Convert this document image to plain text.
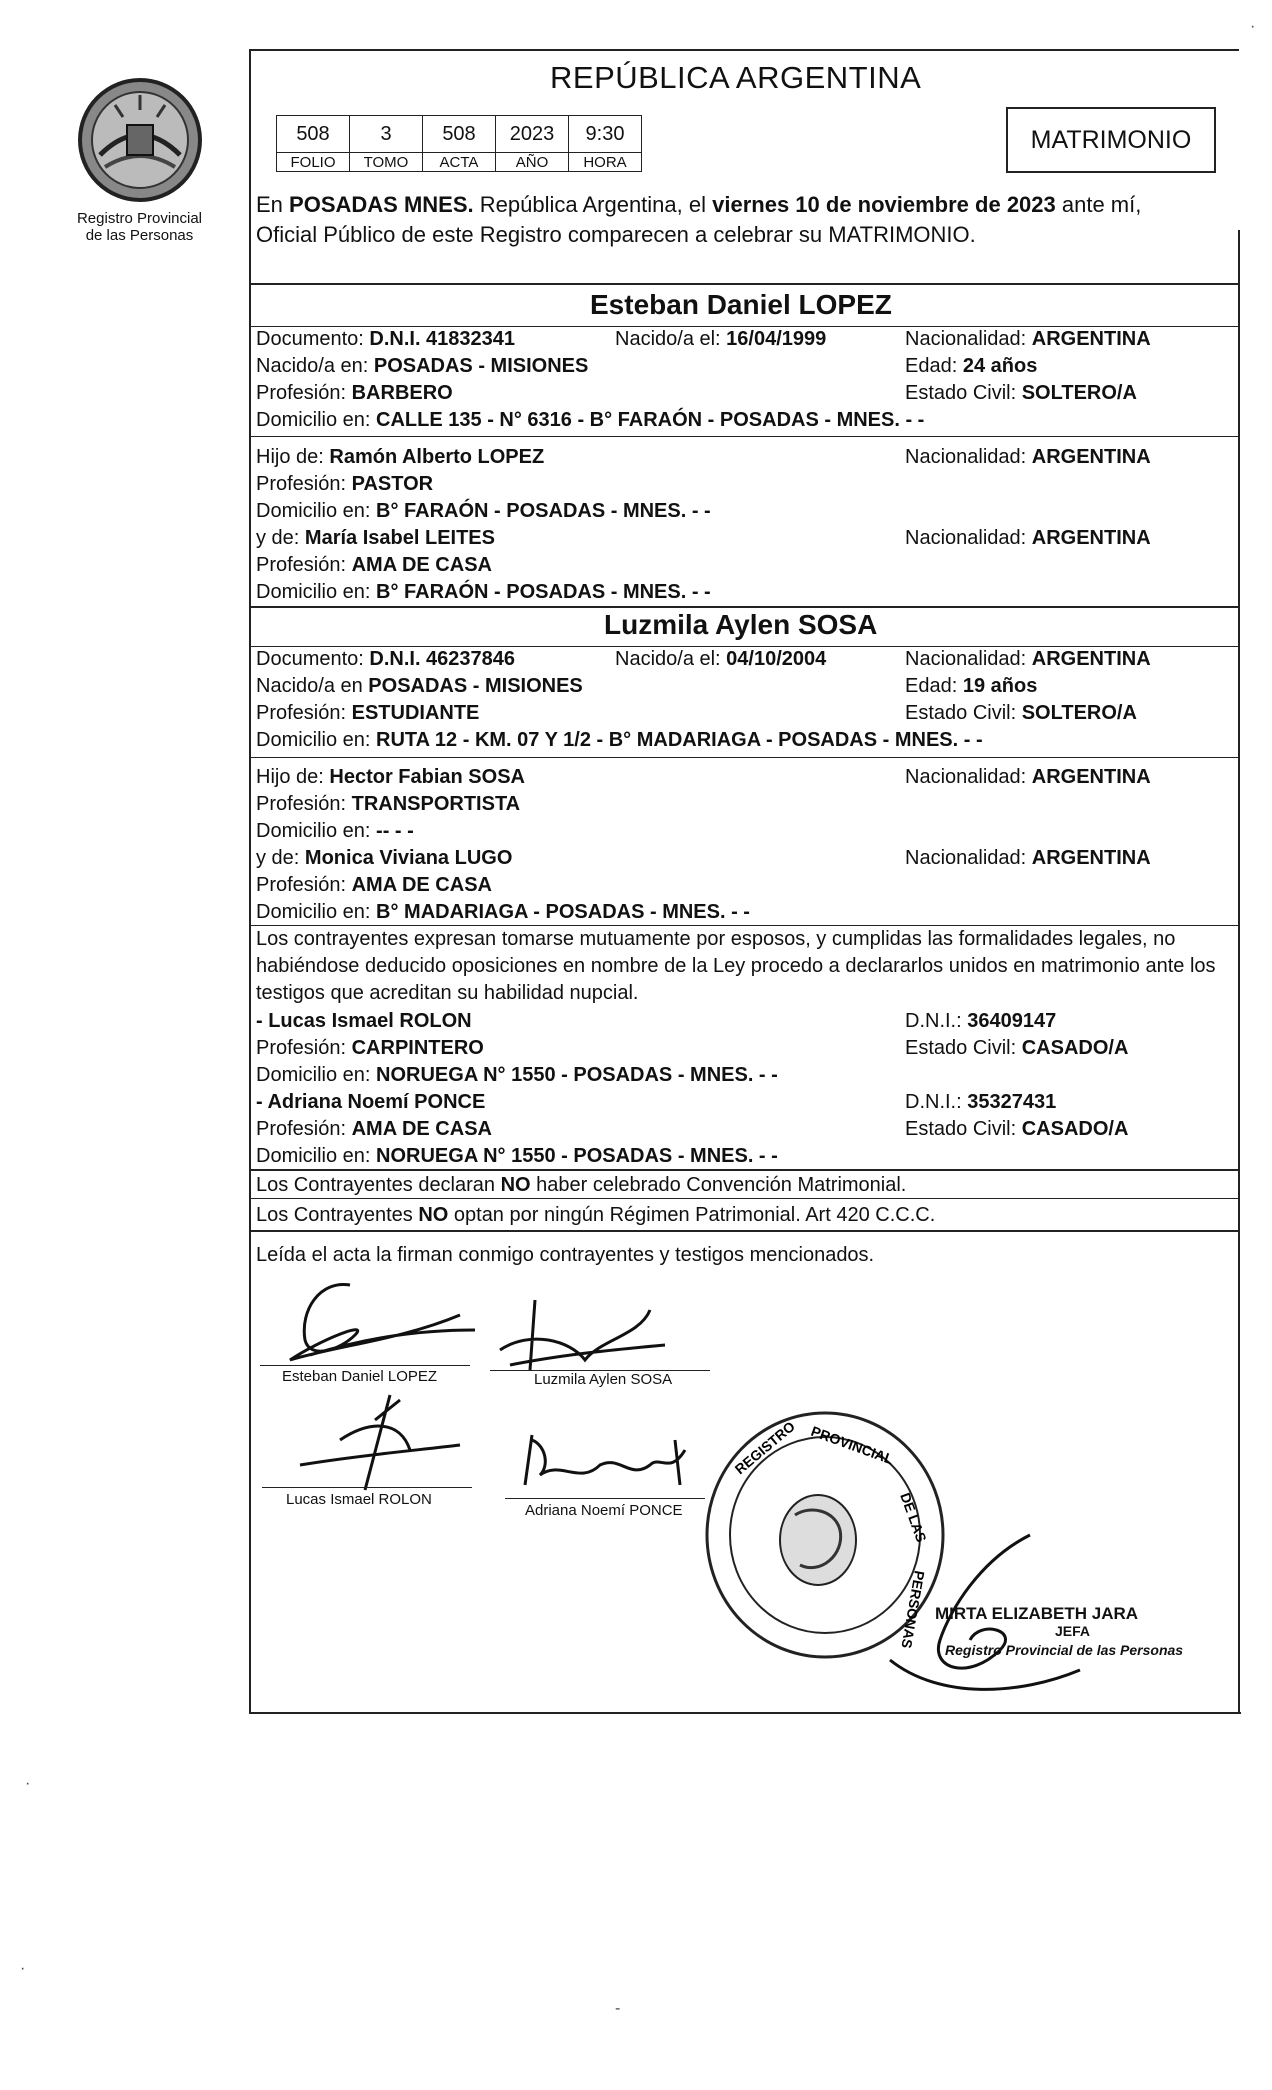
Registro Provincial
de las Personas
REPÚBLICA ARGENTINA
508	3	508	2023	9:30
FOLIO	TOMO	ACTA	AÑO	HORA
MATRIMONIO
En POSADAS MNES. República Argentina, el viernes 10 de noviembre de 2023 ante mí,
Oficial Público de este Registro comparecen a celebrar su MATRIMONIO.
Esteban Daniel LOPEZ
Documento: D.N.I. 41832341	Nacido/a el: 16/04/1999	Nacionalidad: ARGENTINA
Nacido/a en: POSADAS - MISIONES	Edad: 24 años
Profesión: BARBERO	Estado Civil: SOLTERO/A
Domicilio en: CALLE 135 - N° 6316 - B° FARAÓN - POSADAS - MNES. - -
Hijo de: Ramón Alberto LOPEZ	Nacionalidad: ARGENTINA
Profesión: PASTOR
Domicilio en: B° FARAÓN - POSADAS - MNES. - -
y de: María Isabel LEITES	Nacionalidad: ARGENTINA
Profesión: AMA DE CASA
Domicilio en: B° FARAÓN - POSADAS - MNES. - -
Luzmila Aylen SOSA
Documento: D.N.I. 46237846	Nacido/a el: 04/10/2004	Nacionalidad: ARGENTINA
Nacido/a en POSADAS - MISIONES	Edad: 19 años
Profesión: ESTUDIANTE	Estado Civil: SOLTERO/A
Domicilio en: RUTA 12 - KM. 07 Y 1/2 - B° MADARIAGA - POSADAS - MNES. - -
Hijo de: Hector Fabian SOSA	Nacionalidad: ARGENTINA
Profesión: TRANSPORTISTA
Domicilio en: -- - -
y de: Monica Viviana LUGO	Nacionalidad: ARGENTINA
Profesión: AMA DE CASA
Domicilio en: B° MADARIAGA - POSADAS - MNES. - -
Los contrayentes expresan tomarse mutuamente por esposos, y cumplidas las formalidades legales, no habiéndose deducido oposiciones en nombre de la Ley procedo a declararlos unidos en matrimonio ante los testigos que acreditan su habilidad nupcial.
- Lucas Ismael ROLON	D.N.I.: 36409147
Profesión: CARPINTERO	Estado Civil: CASADO/A
Domicilio en: NORUEGA N° 1550 - POSADAS - MNES. - -
- Adriana Noemí PONCE	D.N.I.: 35327431
Profesión: AMA DE CASA	Estado Civil: CASADO/A
Domicilio en: NORUEGA N° 1550 - POSADAS - MNES. - -
Los Contrayentes declaran NO haber celebrado Convención Matrimonial.
Los Contrayentes NO optan por ningún Régimen Patrimonial. Art 420 C.C.C.
Leída el acta la firman conmigo contrayentes y testigos mencionados.
Esteban Daniel LOPEZ	Luzmila Aylen SOSA
Lucas Ismael ROLON
Adriana Noemí PONCE
REGISTRO PROVINCIAL
DE LAS
PERSONAS MIRTA ELIZABETH JARA
JEFA
Registro Provincial de las Personas
·
·
·
-
